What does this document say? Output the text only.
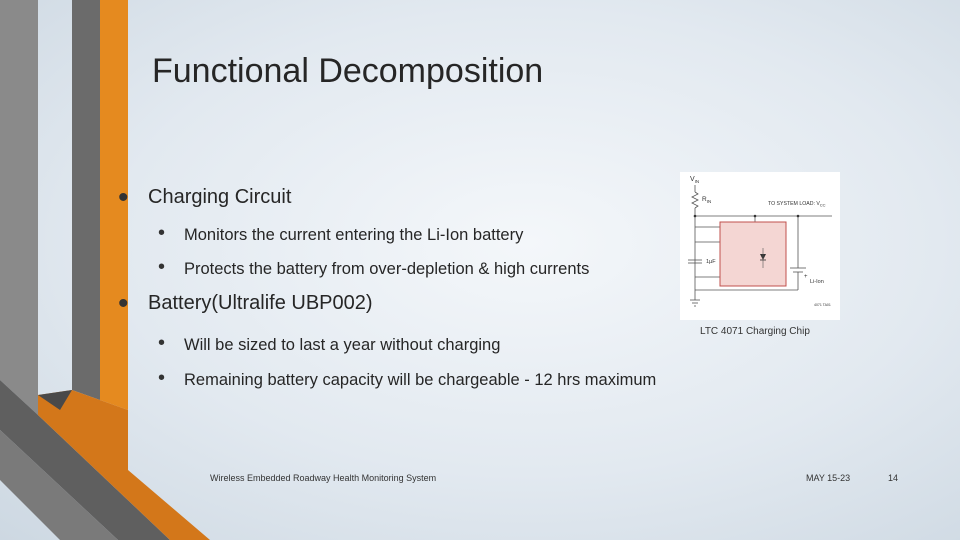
Functional Decomposition
• Charging Circuit
• Monitors the current entering the Li-Ion battery
• Protects the battery from over-depletion & high currents
• Battery(Ultralife UBP002)
• Will be sized to last a year without charging
• Remaining battery capacity will be chargeable - 12 hrs maximum
$V_{IN}$
$R_{IN}$	TO SYSTEM LOAD: $V_{CC}$
1µF
+
Li-Ion
4071 TA01
LTC 4071 Charging Chip
Wireless Embedded Roadway Health Monitoring System	MAY 15-23	14
